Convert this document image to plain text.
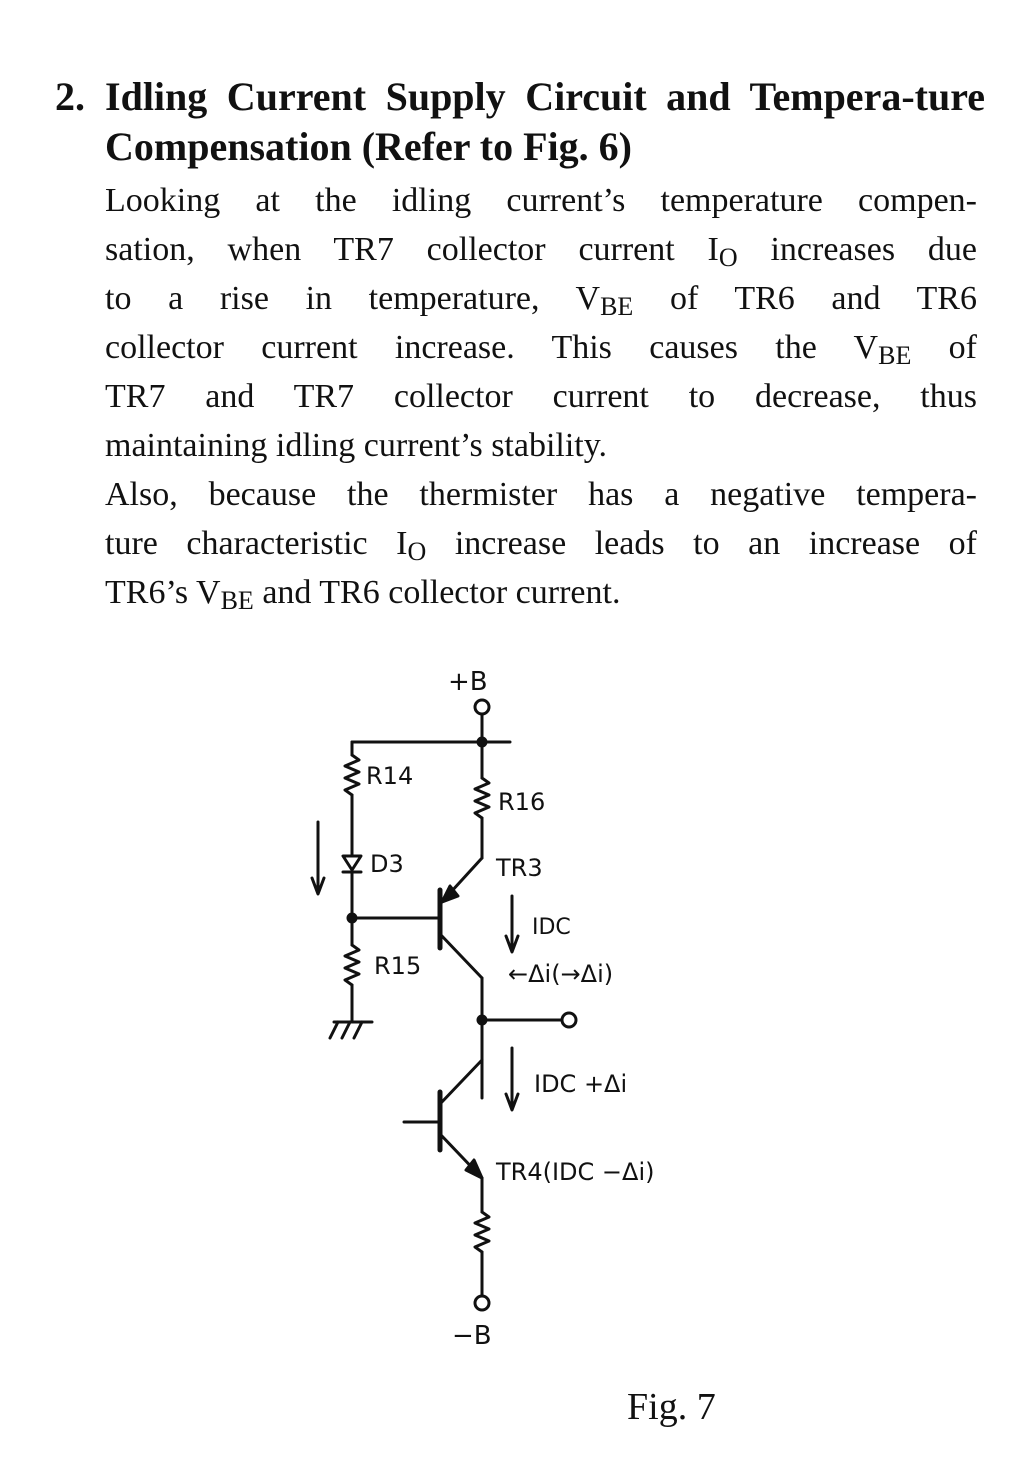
2. Idling Current Supply Circuit and Tempera-ture Compensation (Refer to Fig. 6)
Looking at the idling current’s temperature compen-
sation, when TR7 collector current $I_O$ increases due
to a rise in temperature, $V_{BE}$ of TR6 and TR6
collector current increase. This causes the $V_{BE}$ of
TR7 and TR7 collector current to decrease, thus
maintaining idling current’s stability.
Also, because the thermister has a negative tempera-
ture characteristic $I_O$ increase leads to an increase of
TR6’s $V_{BE}$ and TR6 collector current.
+B
R14
D3
R15
R16
TR3
IDC
←Δi(→Δi)
IDC +Δi
TR4(IDC −Δi)
−B
Fig. 7
